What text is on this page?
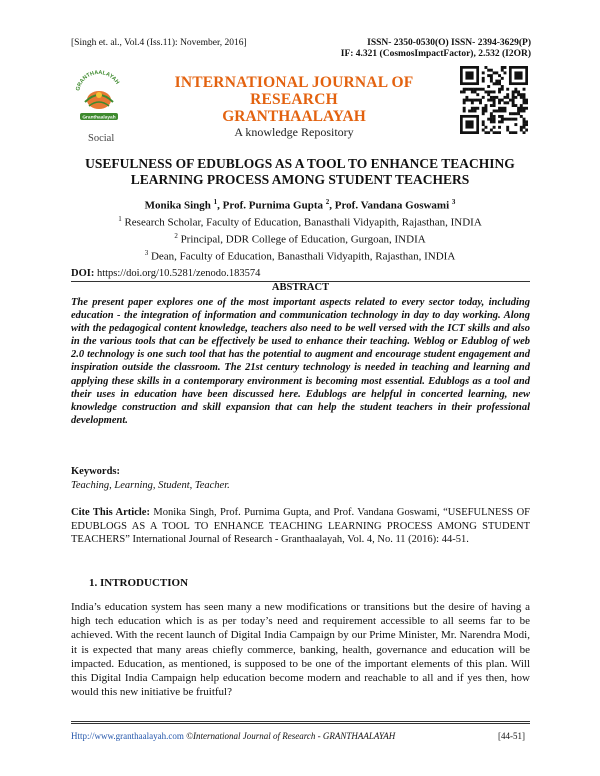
[Singh et. al., Vol.4 (Iss.11): November, 2016]	ISSN- 2350-0530(O) ISSN- 2394-3629(P)
IF: 4.321 (CosmosImpactFactor), 2.532 (I2OR)
GRANTHAALAYAH
Granthaalayah
INTERNATIONAL JOURNAL OF RESEARCH
GRANTHAALAYAH
A knowledge Repository
Social
USEFULNESS OF EDUBLOGS AS A TOOL TO ENHANCE TEACHING
LEARNING PROCESS AMONG STUDENT TEACHERS
Monika Singh $^1$, Prof. Purnima Gupta $^2$, Prof. Vandana Goswami $^3$
$^1$ Research Scholar, Faculty of Education, Banasthali Vidyapith, Rajasthan, INDIA
$^2$ Principal, DDR College of Education, Gurgoan, INDIA
$^3$ Dean, Faculty of Education, Banasthali Vidyapith, Rajasthan, INDIA
DOI: https://doi.org/10.5281/zenodo.183574
ABSTRACT
The present paper explores one of the most important aspects related to every sector today, including education - the integration of information and communication technology in day to day working. Along with the pedagogical content knowledge, teachers also need to be well versed with the ICT skills and also in the various tools that can be effectively be used to enhance their teaching. Weblog or Edublog of web 2.0 technology is one such tool that has the potential to augment and encourage student engagement and inspiration outside the classroom. The 21st century technology is needed in teaching and learning and applying these skills in a contemporary environment is becoming most essential. Edublogs as a tool and their uses in education have been discussed here. Edublogs are helpful in concerted learning, new knowledge construction and skill expansion that can help the student teachers in their professional development.
Keywords:
Teaching, Learning, Student, Teacher.
Cite This Article: Monika Singh, Prof. Purnima Gupta, and Prof. Vandana Goswami, “USEFULNESS OF EDUBLOGS AS A TOOL TO ENHANCE TEACHING LEARNING PROCESS AMONG STUDENT TEACHERS” International Journal of Research - Granthaalayah, Vol. 4, No. 11 (2016): 44-51.
1. INTRODUCTION
India’s education system has seen many a new modifications or transitions but the desire of having a high tech education which is as per today’s need and requirement accessible to all seems far to be achieved. With the recent launch of Digital India Campaign by our Prime Minister, Mr. Narendra Modi, it is expected that many areas chiefly commerce, banking, health, governance and education will be impacted. Education, as mentioned, is supposed to be one of the important elements of this plan. Will this Digital India Campaign help education become modern and reachable to all and if yes then, how would this new initiative be fruitful?
Http://www.granthaalayah.com ©International Journal of Research - GRANTHAALAYAH	[44-51]
